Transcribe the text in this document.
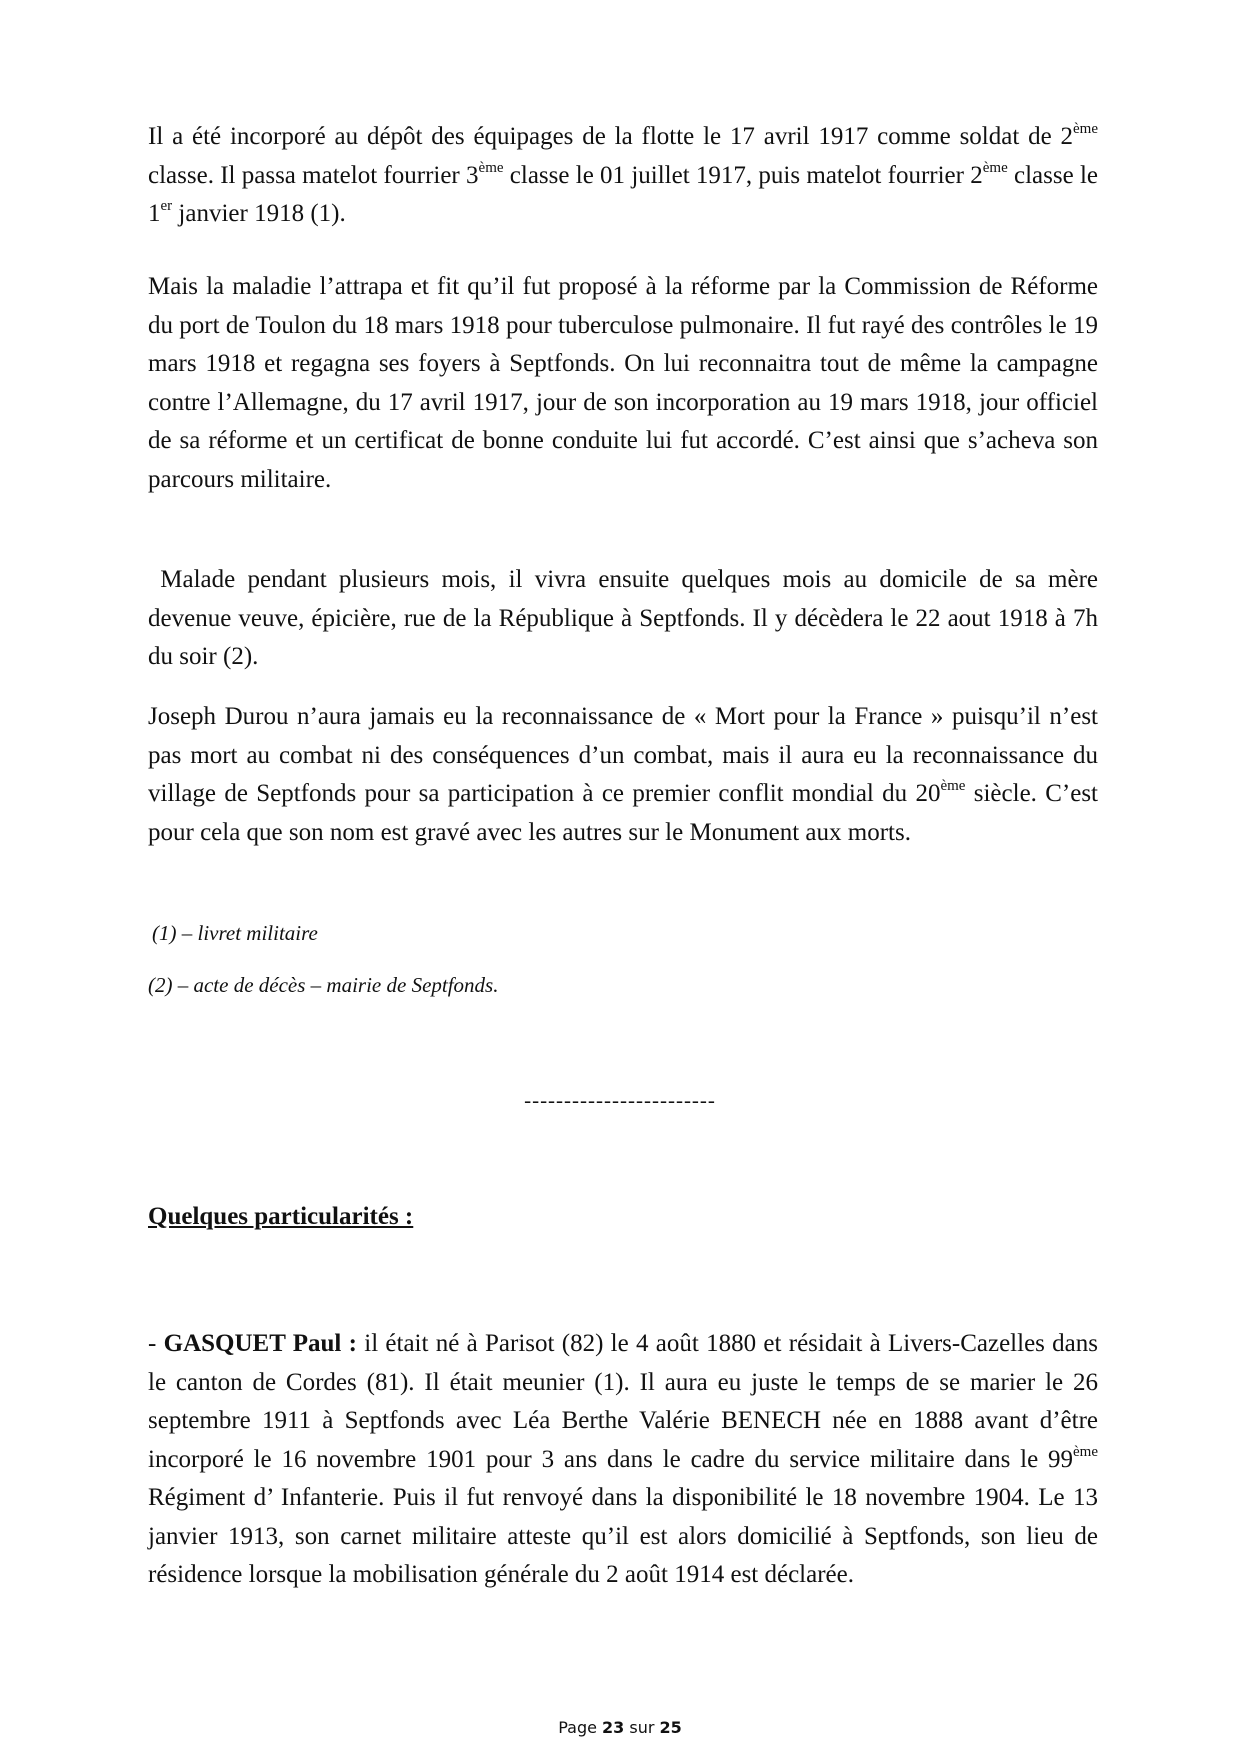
Il a été incorporé au dépôt des équipages de la flotte le 17 avril 1917 comme soldat de 2ème classe. Il passa matelot fourrier 3ème classe le 01 juillet 1917, puis matelot fourrier 2ème classe le 1er janvier 1918 (1).

Mais la maladie l’attrapa et fit qu’il fut proposé à la réforme par la Commission de Réforme du port de Toulon du 18 mars 1918 pour tuberculose pulmonaire. Il fut rayé des contrôles le 19 mars 1918 et regagna ses foyers à Septfonds. On lui reconnaitra tout de même la campagne contre l’Allemagne, du 17 avril 1917, jour de son incorporation au 19 mars 1918, jour officiel de sa réforme et un certificat de bonne conduite lui fut accordé. C’est ainsi que s’acheva son parcours militaire.

Malade pendant plusieurs mois, il vivra ensuite quelques mois au domicile de sa mère devenue veuve, épicière, rue de la République à Septfonds. Il y décèdera le 22 aout 1918 à 7h du soir (2).

Joseph Durou n’aura jamais eu la reconnaissance de « Mort pour la France » puisqu’il n’est pas mort au combat ni des conséquences d’un combat, mais il aura eu la reconnaissance du village de Septfonds pour sa participation à ce premier conflit mondial du 20ème siècle. C’est pour cela que son nom est gravé avec les autres sur le Monument aux morts.

(1) – livret militaire

(2) – acte de décès – mairie de Septfonds.

------------------------

Quelques particularités :

- GASQUET Paul : il était né à Parisot (82) le 4 août 1880 et résidait à Livers-Cazelles dans le canton de Cordes (81). Il était meunier (1). Il aura eu juste le temps de se marier le 26 septembre 1911 à Septfonds avec Léa Berthe Valérie BENECH née en 1888 avant d’être incorporé le 16 novembre 1901 pour 3 ans dans le cadre du service militaire dans le 99ème Régiment d’ Infanterie. Puis il fut renvoyé dans la disponibilité le 18 novembre 1904. Le 13 janvier 1913, son carnet militaire atteste qu’il est alors domicilié à Septfonds, son lieu de résidence lorsque la mobilisation générale du 2 août 1914 est déclarée.

Page 23 sur 25
